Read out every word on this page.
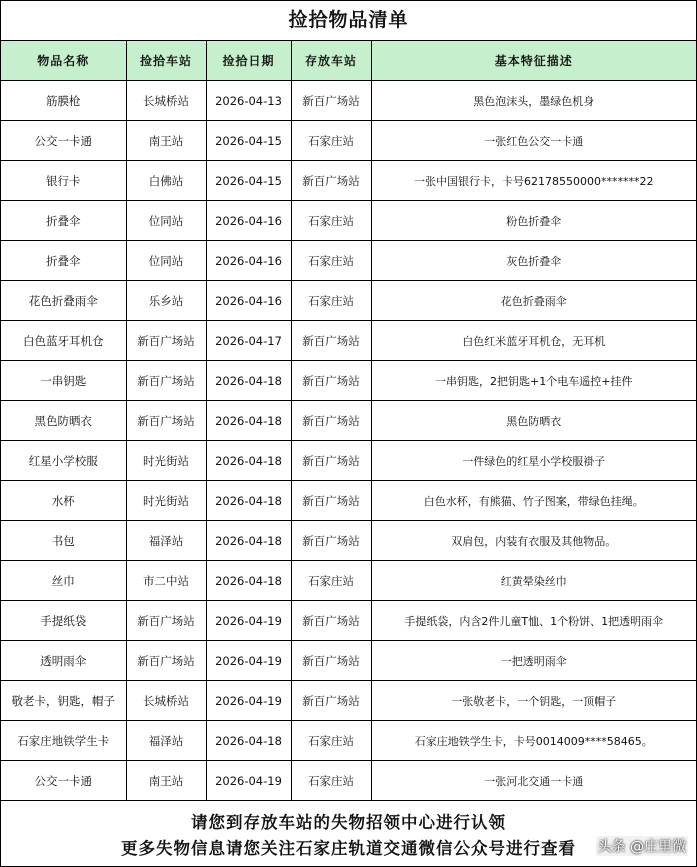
捡拾物品清单
物品名称	捡拾车站	捡拾日期	存放车站	基本特征描述
筋膜枪	长城桥站	2026-04-13	新百广场站	黑色泡沫头，墨绿色机身
公交一卡通	南王站	2026-04-15	石家庄站	一张红色公交一卡通
银行卡	白佛站	2026-04-15	新百广场站	一张中国银行卡，卡号62178550000*******22
折叠伞	位同站	2026-04-16	石家庄站	粉色折叠伞
折叠伞	位同站	2026-04-16	石家庄站	灰色折叠伞
花色折叠雨伞	乐乡站	2026-04-16	石家庄站	花色折叠雨伞
白色蓝牙耳机仓	新百广场站	2026-04-17	新百广场站	白色红米蓝牙耳机仓，无耳机
一串钥匙	新百广场站	2026-04-18	新百广场站	一串钥匙，2把钥匙+1个电车遥控+挂件
黑色防晒衣	新百广场站	2026-04-18	新百广场站	黑色防晒衣
红星小学校服	时光街站	2026-04-18	新百广场站	一件绿色的红星小学校服褂子
水杯	时光街站	2026-04-18	新百广场站	白色水杯，有熊猫、竹子图案，带绿色挂绳。
书包	福泽站	2026-04-18	新百广场站	双肩包，内装有衣服及其他物品。
丝巾	市二中站	2026-04-18	石家庄站	红黄晕染丝巾
手提纸袋	新百广场站	2026-04-19	新百广场站	手提纸袋，内含2件儿童T恤、1个粉饼、1把透明雨伞
透明雨伞	新百广场站	2026-04-19	新百广场站	一把透明雨伞
敬老卡，钥匙，帽子	长城桥站	2026-04-19	新百广场站	一张敬老卡，一个钥匙，一顶帽子
石家庄地铁学生卡	福泽站	2026-04-18	石家庄站	石家庄地铁学生卡，卡号0014009****58465。
公交一卡通	南王站	2026-04-19	石家庄站	一张河北交通一卡通
请您到存放车站的失物招领中心进行认领
更多失物信息请您关注石家庄轨道交通微信公众号进行查看	头条 @庄里微
